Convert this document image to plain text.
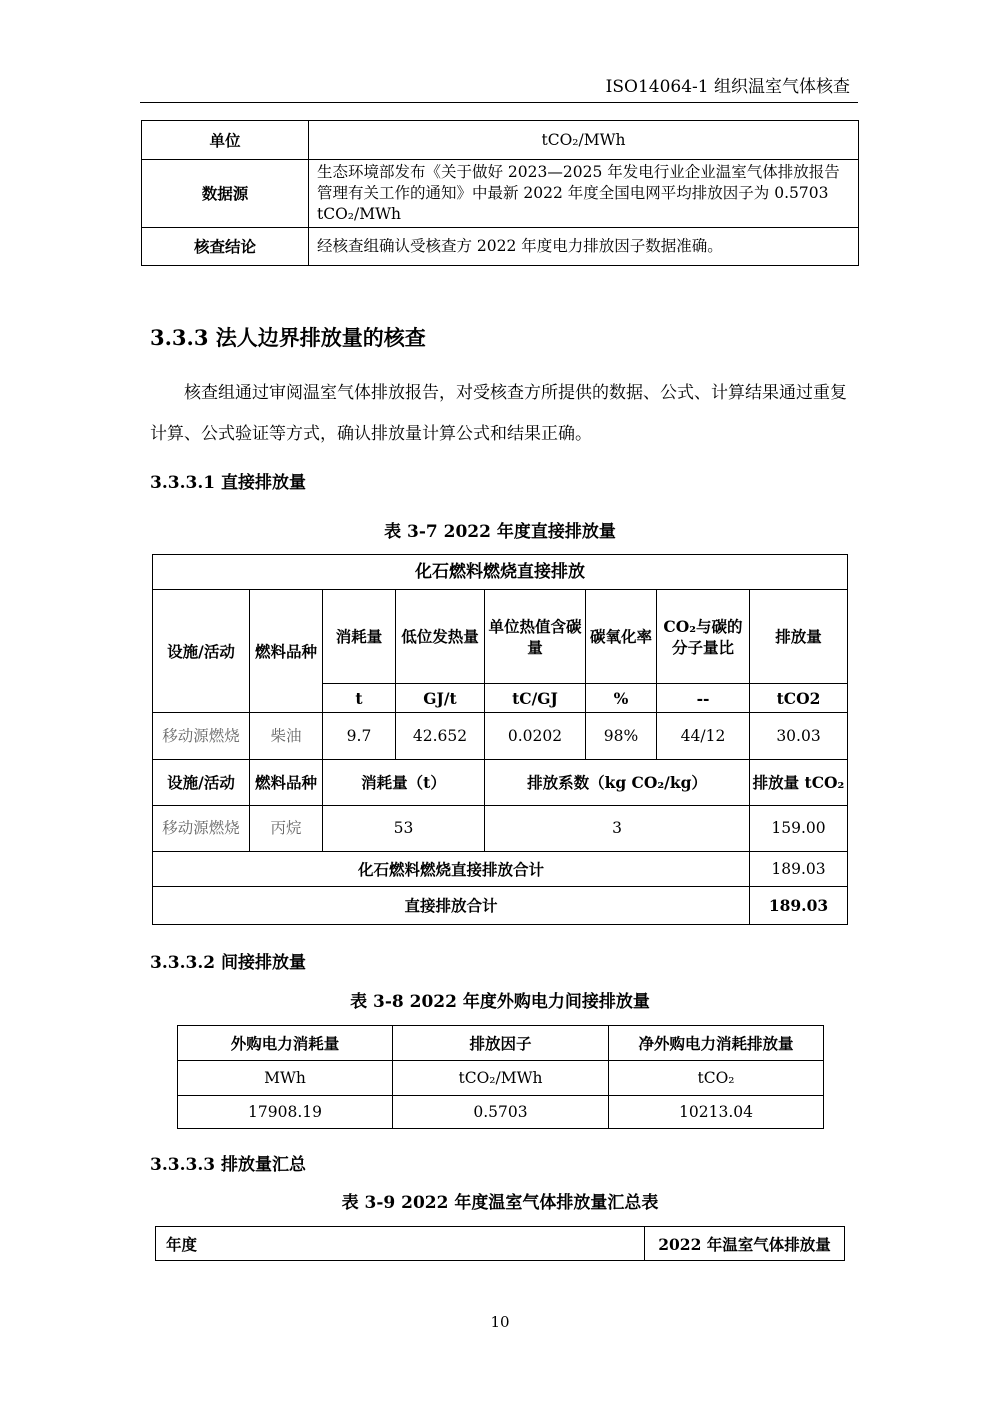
ISO14064-1 组织温室气体核查
单位	tCO₂/MWh
数据源	生态环境部发布《关于做好 2023—2025 年发电行业企业温室气体排放报告管理有关工作的通知》中最新 2022 年度全国电网平均排放因子为 0.5703 tCO₂/MWh
核查结论	经核查组确认受核查方 2022 年度电力排放因子数据准确。
3.3.3 法人边界排放量的核查
核查组通过审阅温室气体排放报告，对受核查方所提供的数据、公式、计算结果通过重复计算、公式验证等方式，确认排放量计算公式和结果正确。
3.3.3.1 直接排放量
表 3-7 2022 年度直接排放量
化石燃料燃烧直接排放							
设施/活动	燃料品种	消耗量	低位发热量	单位热值含碳量	碳氧化率	CO₂与碳的分子量比	排放量
		t	GJ/t	tC/GJ	%	--	tCO2
移动源燃烧	柴油	9.7	42.652	0.0202	98%	44/12	30.03
设施/活动	燃料品种	消耗量（t）		排放系数（kg CO₂/kg）			排放量 tCO₂
移动源燃烧	丙烷	53		3			159.00
化石燃料燃烧直接排放合计							189.03
直接排放合计							189.03
3.3.3.2 间接排放量
表 3-8 2022 年度外购电力间接排放量
外购电力消耗量	排放因子	净外购电力消耗排放量
MWh	tCO₂/MWh	tCO₂
17908.19	0.5703	10213.04
3.3.3.3 排放量汇总
表 3-9 2022 年度温室气体排放量汇总表
年度	2022 年温室气体排放量
10
